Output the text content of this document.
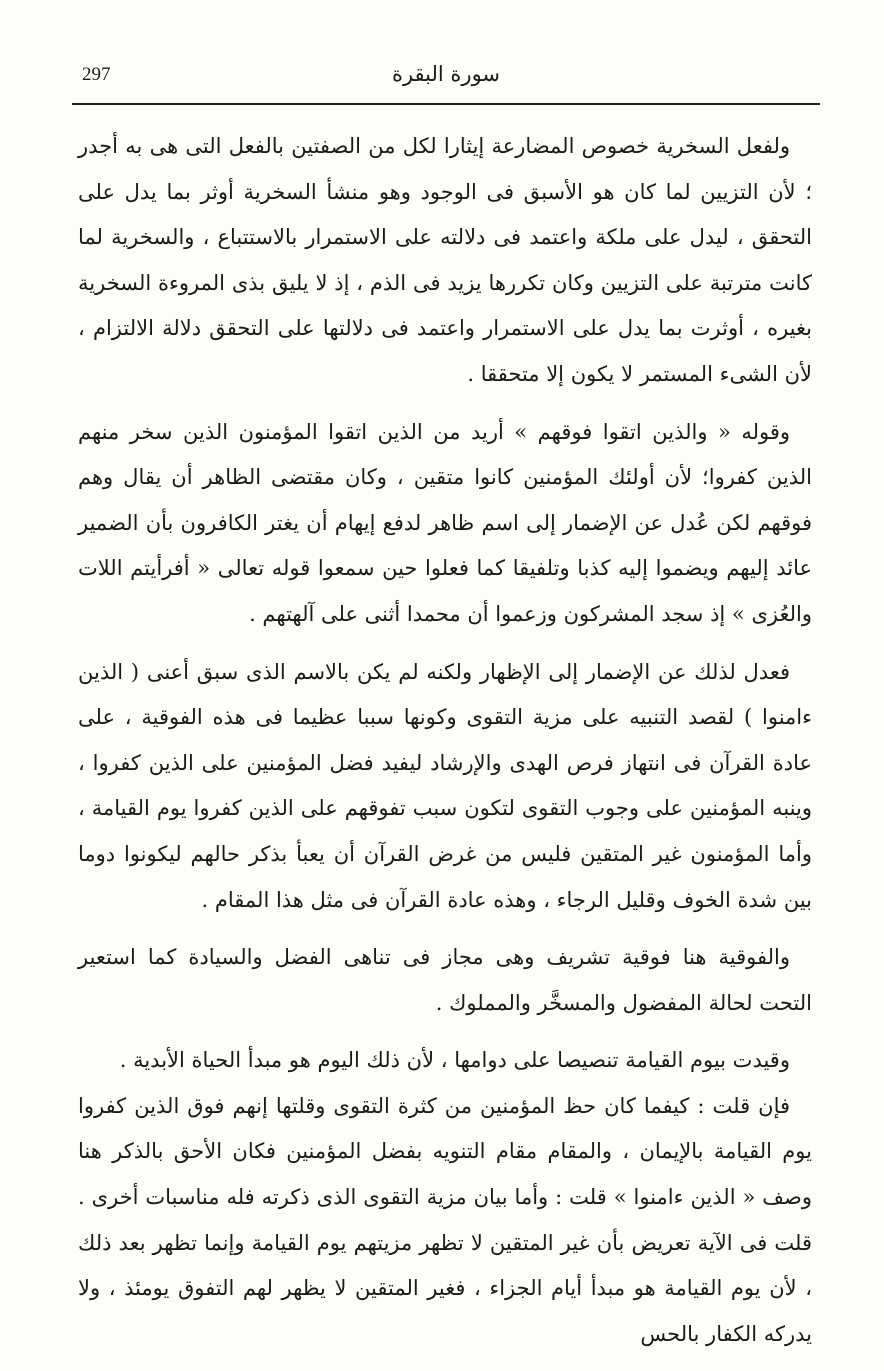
297	سورة البقرة

ولفعل السخرية خصوص المضارعة إيثارا لكل من الصفتين بالفعل التى هى به أجدر ؛ لأن التزيين لما كان هو الأسبق فى الوجود وهو منشأ السخرية أوثر بما يدل على التحقق ، ليدل على ملكة واعتمد فى دلالته على الاستمرار بالاستتباع ، والسخرية لما كانت مترتبة على التزيين وكان تكررها يزيد فى الذم ، إذ لا يليق بذى المروءة السخرية بغيره ، أوثرت بما يدل على الاستمرار واعتمد فى دلالتها على التحقق دلالة الالتزام ، لأن الشىء المستمر لا يكون إلا متحققا .

وقوله « والذين اتقوا فوقهم » أريد من الذين اتقوا المؤمنون الذين سخر منهم الذين كفروا؛ لأن أولئك المؤمنين كانوا متقين ، وكان مقتضى الظاهر أن يقال وهم فوقهم لكن عُدل عن الإضمار إلى اسم ظاهر لدفع إيهام أن يغتر الكافرون بأن الضمير عائد إليهم ويضموا إليه كذبا وتلفيقا كما فعلوا حين سمعوا قوله تعالى « أفرأيتم اللات والعُزى » إذ سجد المشركون وزعموا أن محمدا أثنى على آلهتهم .

فعدل لذلك عن الإضمار إلى الإظهار ولكنه لم يكن بالاسم الذى سبق أعنى ( الذين ءامنوا ) لقصد التنبيه على مزية التقوى وكونها سببا عظيما فى هذه الفوقية ، على عادة القرآن فى انتهاز فرص الهدى والإرشاد ليفيد فضل المؤمنين على الذين كفروا ، وينبه المؤمنين على وجوب التقوى لتكون سبب تفوقهم على الذين كفروا يوم القيامة ، وأما المؤمنون غير المتقين فليس من غرض القرآن أن يعبأ بذكر حالهم ليكونوا دوما بين شدة الخوف وقليل الرجاء ، وهذه عادة القرآن فى مثل هذا المقام .

والفوقية هنا فوقية تشريف وهى مجاز فى تناهى الفضل والسيادة كما استعير التحت لحالة المفضول والمسخَّر والمملوك .

وقيدت بيوم القيامة تنصيصا على دوامها ، لأن ذلك اليوم هو مبدأ الحياة الأبدية .

فإن قلت : كيفما كان حظ المؤمنين من كثرة التقوى وقلتها إنهم فوق الذين كفروا يوم القيامة بالإيمان ، والمقام مقام التنويه بفضل المؤمنين فكان الأحق بالذكر هنا وصف « الذين ءامنوا » قلت : وأما بيان مزية التقوى الذى ذكرته فله مناسبات أخرى . قلت فى الآية تعريض بأن غير المتقين لا تظهر مزيتهم يوم القيامة وإنما تظهر بعد ذلك ، لأن يوم القيامة هو مبدأ أيام الجزاء ، فغير المتقين لا يظهر لهم التفوق يومئذ ، ولا يدركه الكفار بالحس
